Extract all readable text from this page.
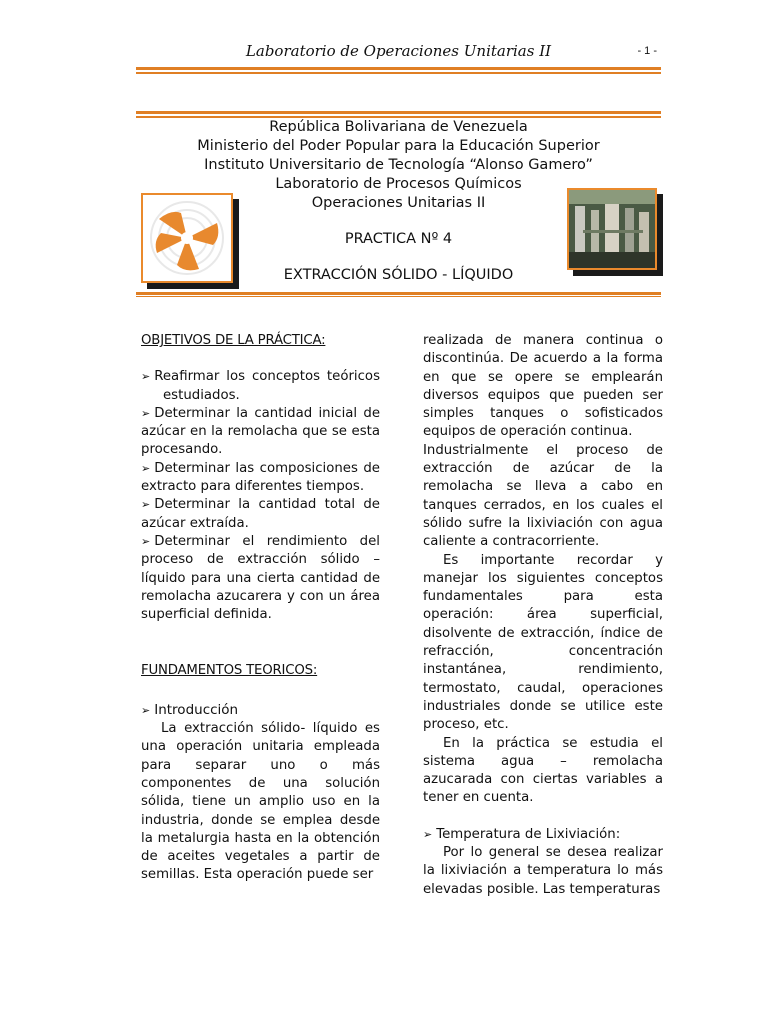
Laboratorio de Operaciones Unitarias II	- 1 -
República Bolivariana de Venezuela
Ministerio del Poder Popular para la Educación Superior
Instituto Universitario de Tecnología “Alonso Gamero”
Laboratorio de Procesos Químicos
Operaciones Unitarias II
PRACTICA Nº 4
EXTRACCIÓN SÓLIDO - LÍQUIDO

OBJETIVOS DE LA PRÁCTICA:

➢ Reafirmar los conceptos teóricos estudiados.

➢ Determinar la cantidad inicial de azúcar en la remolacha que se esta procesando.

➢ Determinar las composiciones de extracto para diferentes tiempos.

➢ Determinar la cantidad total de azúcar extraída.

➢ Determinar el rendimiento del proceso de extracción sólido – líquido para una cierta cantidad de remolacha azucarera y con un área superficial definida.

FUNDAMENTOS TEORICOS:

➢ Introducción

La extracción sólido- líquido es una operación unitaria empleada para separar uno o más componentes de una solución sólida, tiene un amplio uso en la industria, donde se emplea desde la metalurgia hasta en la obtención de aceites vegetales a partir de semillas. Esta operación puede ser

realizada de manera continua o discontinúa. De acuerdo a la forma en que se opere se emplearán diversos equipos que pueden ser simples tanques o sofisticados equipos de operación continua.

Industrialmente el proceso de extracción de azúcar de la remolacha se lleva a cabo en tanques cerrados, en los cuales el sólido sufre la lixiviación con agua caliente a contracorriente.

Es importante recordar y manejar los siguientes conceptos fundamentales para esta operación: área superficial, disolvente de extracción, índice de refracción, concentración instantánea, rendimiento, termostato, caudal, operaciones industriales donde se utilice este proceso, etc.

En la práctica se estudia el sistema agua – remolacha azucarada con ciertas variables a tener en cuenta.

➢ Temperatura de Lixiviación:

Por lo general se desea realizar la lixiviación a temperatura lo más elevadas posible. Las temperaturas
